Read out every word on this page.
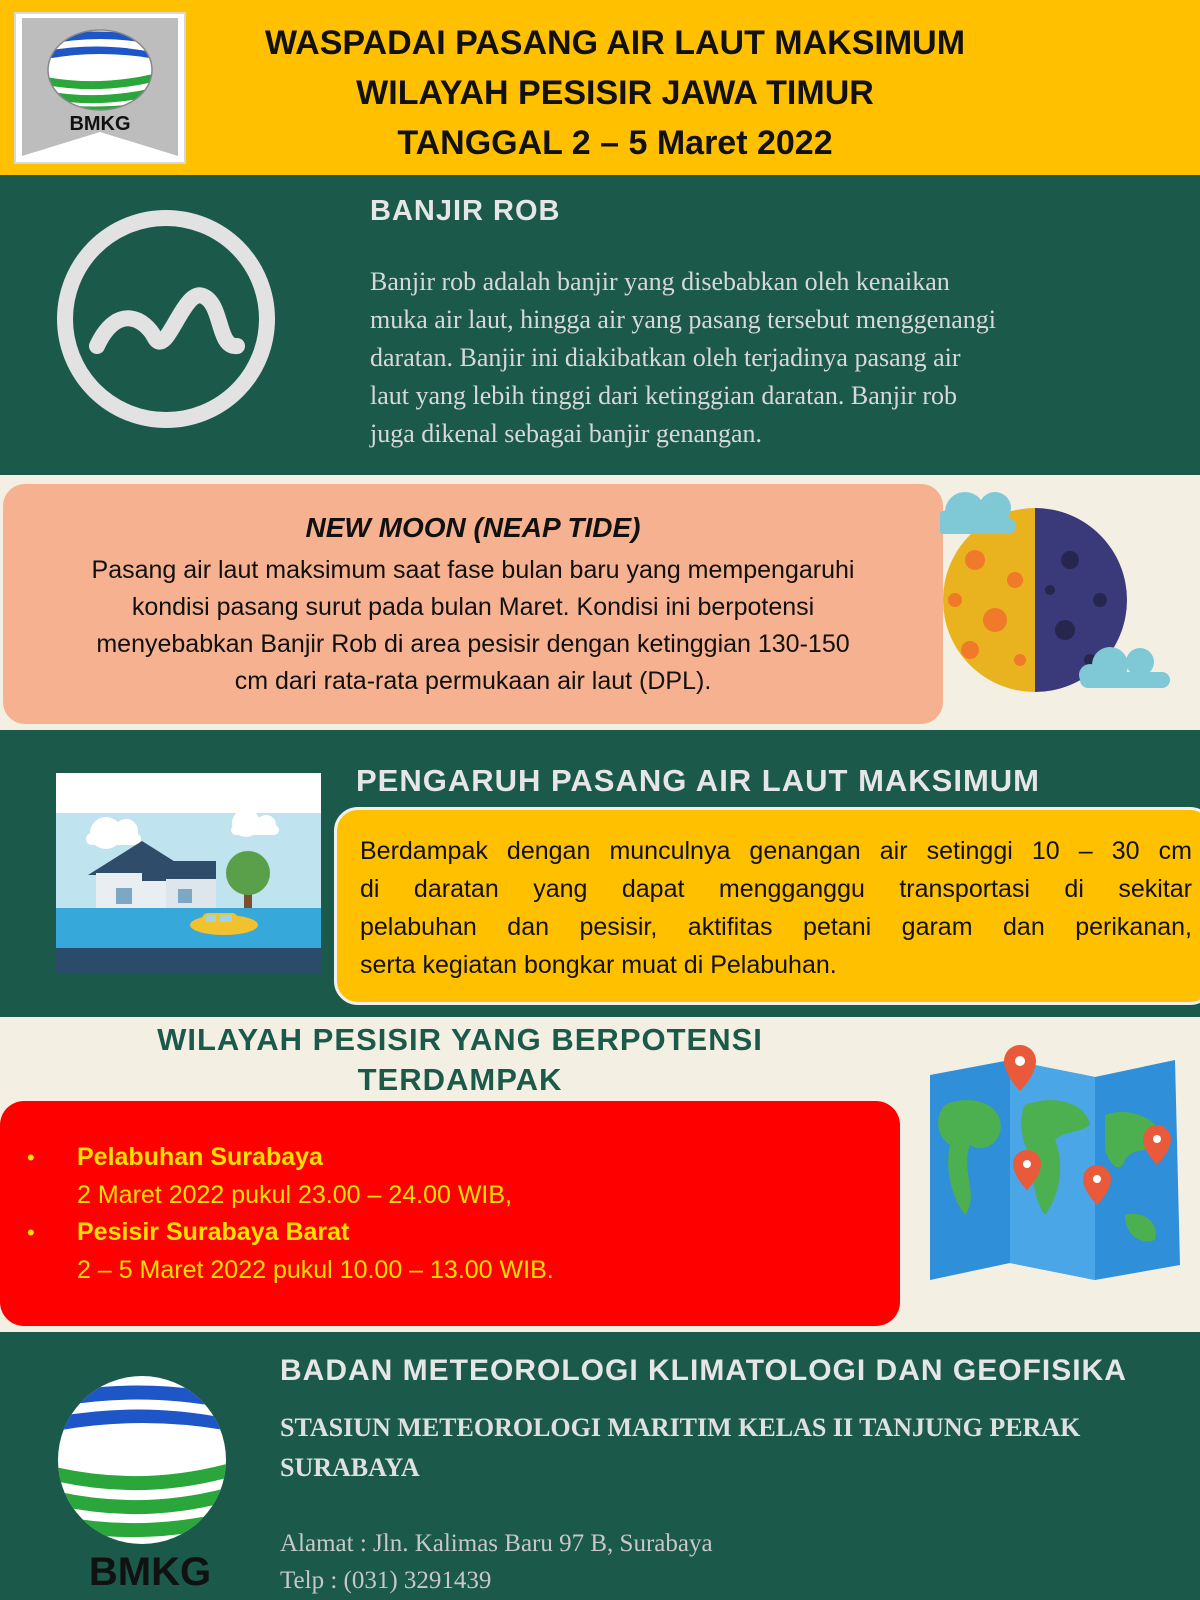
BMKG
WASPADAI PASANG AIR LAUT MAKSIMUM
WILAYAH PESISIR JAWA TIMUR
TANGGAL 2 – 5 Maret 2022
BANJIR ROB
Banjir rob adalah banjir yang disebabkan oleh kenaikan
muka air laut, hingga air yang pasang tersebut menggenangi
daratan. Banjir ini diakibatkan oleh terjadinya pasang air
laut yang lebih tinggi dari ketinggian daratan. Banjir rob
juga dikenal sebagai banjir genangan.
NEW MOON (NEAP TIDE)
Pasang air laut maksimum saat fase bulan baru yang mempengaruhi
kondisi pasang surut pada bulan Maret. Kondisi ini berpotensi
menyebabkan Banjir Rob di area pesisir dengan ketinggian 130-150
cm dari rata-rata permukaan air laut (DPL).
PENGARUH PASANG AIR LAUT MAKSIMUM
Berdampak dengan munculnya genangan air setinggi 10 – 30 cm
di daratan yang dapat mengganggu transportasi di sekitar
pelabuhan dan pesisir, aktifitas petani garam dan perikanan,
serta kegiatan bongkar muat di Pelabuhan.
WILAYAH PESISIR YANG BERPOTENSI
TERDAMPAK
• Pelabuhan Surabaya
2 Maret 2022 pukul 23.00 – 24.00 WIB,
• Pesisir Surabaya Barat
2 – 5 Maret 2022 pukul 10.00 – 13.00 WIB.
BMKG
BADAN METEOROLOGI KLIMATOLOGI DAN GEOFISIKA
STASIUN METEOROLOGI MARITIM KELAS II TANJUNG PERAK
SURABAYA
Alamat : Jln. Kalimas Baru 97 B, Surabaya
Telp : (031) 3291439
